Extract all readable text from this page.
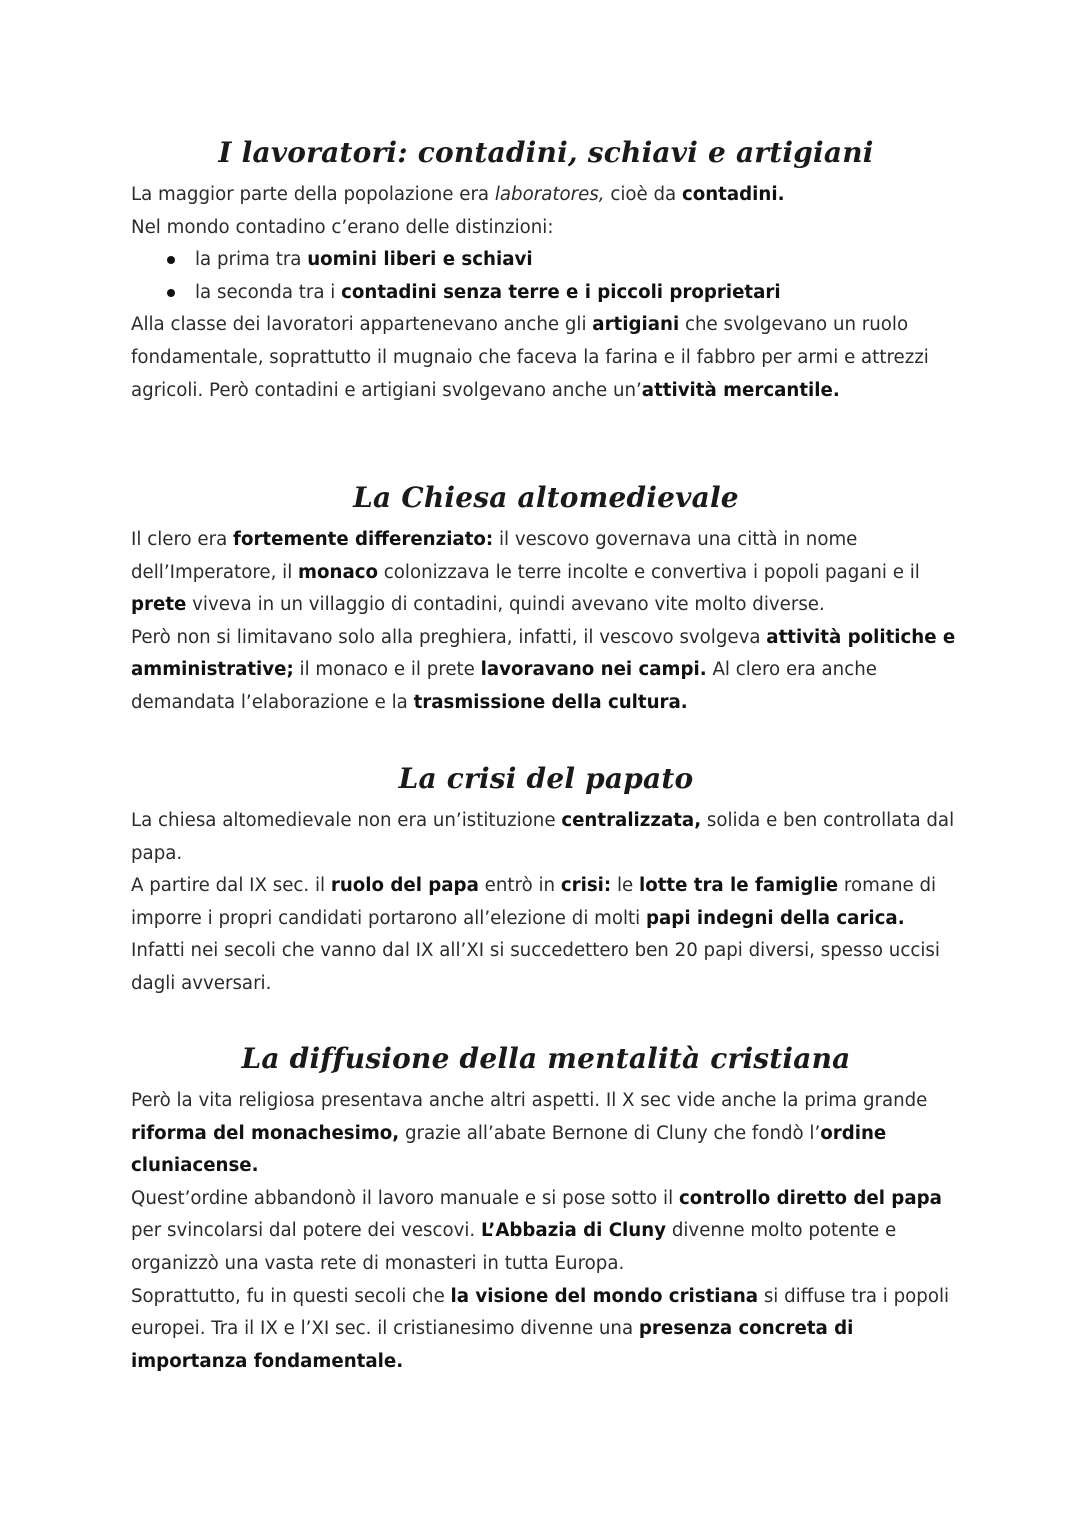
I lavoratori: contadini, schiavi e artigiani

La maggior parte della popolazione era laboratores, cioè da contadini.

Nel mondo contadino c’erano delle distinzioni:

la prima tra uomini liberi e schiavi
la seconda tra i contadini senza terre e i piccoli proprietari

Alla classe dei lavoratori appartenevano anche gli artigiani che svolgevano un ruolo fondamentale, soprattutto il mugnaio che faceva la farina e il fabbro per armi e attrezzi agricoli. Però contadini e artigiani svolgevano anche un’attività mercantile.

La Chiesa altomedievale

Il clero era fortemente differenziato: il vescovo governava una città in nome dell’Imperatore, il monaco colonizzava le terre incolte e convertiva i popoli pagani e il prete viveva in un villaggio di contadini, quindi avevano vite molto diverse.

Però non si limitavano solo alla preghiera, infatti, il vescovo svolgeva attività politiche e amministrative; il monaco e il prete lavoravano nei campi. Al clero era anche demandata l’elaborazione e la trasmissione della cultura.

La crisi del papato

La chiesa altomedievale non era un’istituzione centralizzata, solida e ben controllata dal papa.

A partire dal IX sec. il ruolo del papa entrò in crisi: le lotte tra le famiglie romane di imporre i propri candidati portarono all’elezione di molti papi indegni della carica.

Infatti nei secoli che vanno dal IX all’XI si succedettero ben 20 papi diversi, spesso uccisi dagli avversari.

La diffusione della mentalità cristiana

Però la vita religiosa presentava anche altri aspetti. Il X sec vide anche la prima grande riforma del monachesimo, grazie all’abate Bernone di Cluny che fondò l’ordine cluniacense.

Quest’ordine abbandonò il lavoro manuale e si pose sotto il controllo diretto del papa per svincolarsi dal potere dei vescovi. L’Abbazia di Cluny divenne molto potente e organizzò una vasta rete di monasteri in tutta Europa.

Soprattutto, fu in questi secoli che la visione del mondo cristiana si diffuse tra i popoli europei. Tra il IX e l’XI sec. il cristianesimo divenne una presenza concreta di importanza fondamentale.
